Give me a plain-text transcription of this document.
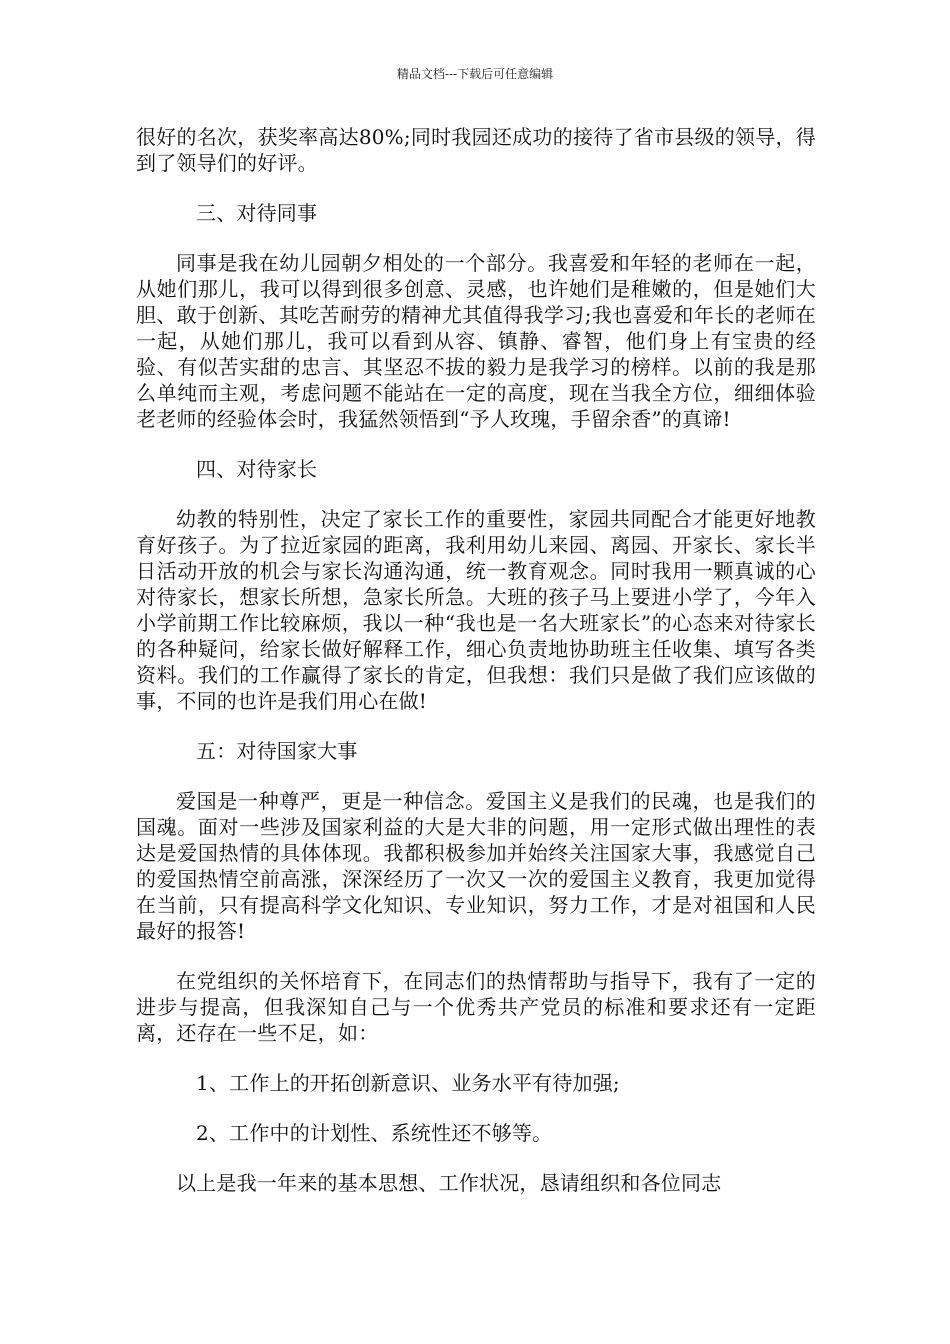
精品文档---下载后可任意编辑

很好的名次，获奖率高达80%;同时我园还成功的接待了省市县级的领导，得到了领导们的好评。

三、对待同事

同事是我在幼儿园朝夕相处的一个部分。我喜爱和年轻的老师在一起，从她们那儿，我可以得到很多创意、灵感，也许她们是稚嫩的，但是她们大胆、敢于创新、其吃苦耐劳的精神尤其值得我学习;我也喜爱和年长的老师在一起，从她们那儿，我可以看到从容、镇静、睿智，他们身上有宝贵的经验、有似苦实甜的忠言、其坚忍不拔的毅力是我学习的榜样。以前的我是那么单纯而主观，考虑问题不能站在一定的高度，现在当我全方位，细细体验老老师的经验体会时，我猛然领悟到“予人玫瑰，手留余香”的真谛!

四、对待家长

幼教的特别性，决定了家长工作的重要性，家园共同配合才能更好地教育好孩子。为了拉近家园的距离，我利用幼儿来园、离园、开家长、家长半日活动开放的机会与家长沟通沟通，统一教育观念。同时我用一颗真诚的心对待家长，想家长所想，急家长所急。大班的孩子马上要进小学了，今年入小学前期工作比较麻烦，我以一种“我也是一名大班家长”的心态来对待家长的各种疑问，给家长做好解释工作，细心负责地协助班主任收集、填写各类资料。我们的工作赢得了家长的肯定，但我想：我们只是做了我们应该做的事，不同的也许是我们用心在做!

五：对待国家大事

爱国是一种尊严，更是一种信念。爱国主义是我们的民魂，也是我们的国魂。面对一些涉及国家利益的大是大非的问题，用一定形式做出理性的表达是爱国热情的具体体现。我都积极参加并始终关注国家大事，我感觉自己的爱国热情空前高涨，深深经历了一次又一次的爱国主义教育，我更加觉得在当前，只有提高科学文化知识、专业知识，努力工作，才是对祖国和人民最好的报答!

在党组织的关怀培育下，在同志们的热情帮助与指导下，我有了一定的进步与提高，但我深知自己与一个优秀共产党员的标准和要求还有一定距离，还存在一些不足，如：

1、工作上的开拓创新意识、业务水平有待加强;

2、工作中的计划性、系统性还不够等。

以上是我一年来的基本思想、工作状况，恳请组织和各位同志
